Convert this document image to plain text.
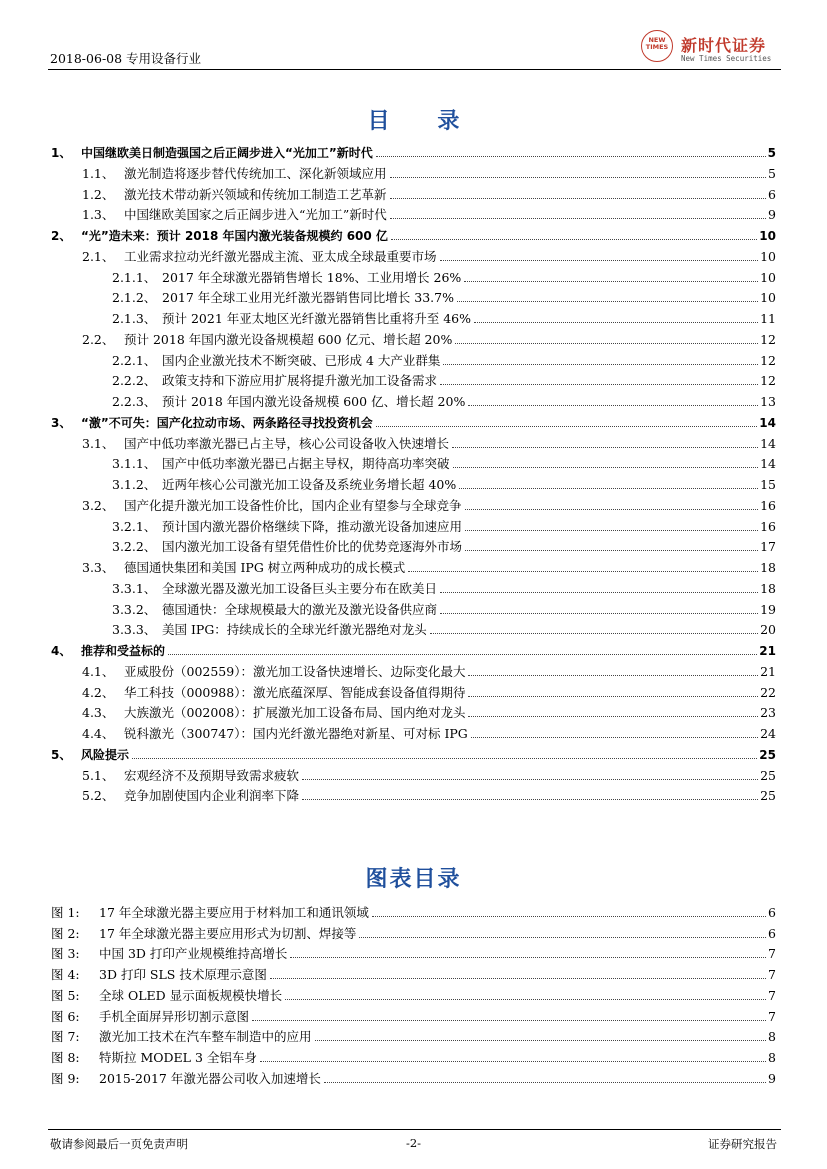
2018-06-08 专用设备行业
NEW TIMES 新时代证券
New Times Securities
目 录
1、 中国继欧美日制造强国之后正阔步进入“光加工”新时代	5
1.1、 激光制造将逐步替代传统加工、深化新领域应用	5
1.2、 激光技术带动新兴领域和传统加工制造工艺革新	6
1.3、 中国继欧美国家之后正阔步进入“光加工”新时代	9
2、 “光”造未来：预计 2018 年国内激光装备规模约 600 亿	10
2.1、 工业需求拉动光纤激光器成主流、亚太成全球最重要市场	10
2.1.1、 2017 年全球激光器销售增长 18%、工业用增长 26%	10
2.1.2、 2017 年全球工业用光纤激光器销售同比增长 33.7%	10
2.1.3、 预计 2021 年亚太地区光纤激光器销售比重将升至 46%	11
2.2、 预计 2018 年国内激光设备规模超 600 亿元、增长超 20%	12
2.2.1、 国内企业激光技术不断突破、已形成 4 大产业群集	12
2.2.2、 政策支持和下游应用扩展将提升激光加工设备需求	12
2.2.3、 预计 2018 年国内激光设备规模 600 亿、增长超 20%	13
3、 “激”不可失：国产化拉动市场、两条路径寻找投资机会	14
3.1、 国产中低功率激光器已占主导，核心公司设备收入快速增长	14
3.1.1、 国产中低功率激光器已占据主导权，期待高功率突破	14
3.1.2、 近两年核心公司激光加工设备及系统业务增长超 40%	15
3.2、 国产化提升激光加工设备性价比，国内企业有望参与全球竞争	16
3.2.1、 预计国内激光器价格继续下降，推动激光设备加速应用	16
3.2.2、 国内激光加工设备有望凭借性价比的优势竞逐海外市场	17
3.3、 德国通快集团和美国 IPG 树立两种成功的成长模式	18
3.3.1、 全球激光器及激光加工设备巨头主要分布在欧美日	18
3.3.2、 德国通快：全球规模最大的激光及激光设备供应商	19
3.3.3、 美国 IPG：持续成长的全球光纤激光器绝对龙头	20
4、 推荐和受益标的	21
4.1、 亚威股份（002559）：激光加工设备快速增长、边际变化最大	21
4.2、 华工科技（000988）：激光底蕴深厚、智能成套设备值得期待	22
4.3、 大族激光（002008）：扩展激光加工设备布局、国内绝对龙头	23
4.4、 锐科激光（300747）：国内光纤激光器绝对新星、可对标 IPG	24
5、 风险提示	25
5.1、 宏观经济不及预期导致需求疲软	25
5.2、 竞争加剧使国内企业利润率下降	25
图表目录
图 1:	17 年全球激光器主要应用于材料加工和通讯领域	6
图 2:	17 年全球激光器主要应用形式为切割、焊接等	6
图 3:	中国 3D 打印产业规模维持高增长	7
图 4:	3D 打印 SLS 技术原理示意图	7
图 5:	全球 OLED 显示面板规模快增长	7
图 6:	手机全面屏异形切割示意图	7
图 7:	激光加工技术在汽车整车制造中的应用	8
图 8:	特斯拉 MODEL 3 全铝车身	8
图 9:	2015-2017 年激光器公司收入加速增长	9
敬请参阅最后一页免责声明	-2-	证券研究报告
